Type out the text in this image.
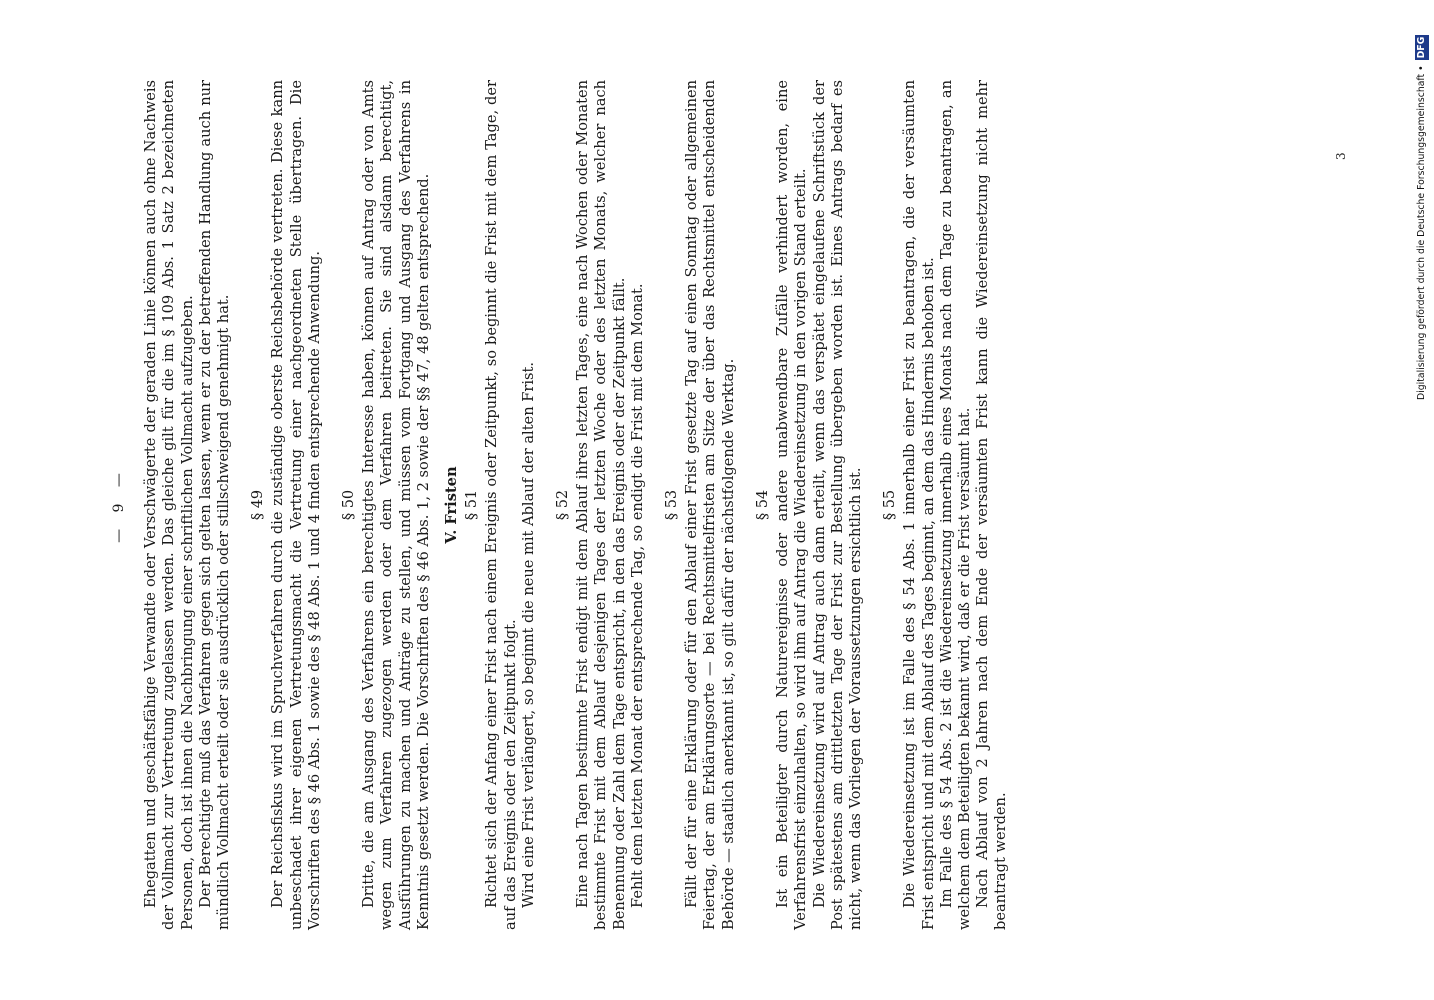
— 9 — Ehegatten und geschäftsfähige Verwandte oder Verschwägerte der geraden Linie können auch ohne Nachweis der Vollmacht zur Vertretung zugelassen werden. Das gleiche gilt für die im § 109 Abs. 1 Satz 2 bezeichneten Personen, doch ist ihnen die Nachbringung einer schriftlichen Vollmacht aufzugeben. Der Berechtigte muß das Verfahren gegen sich gelten lassen, wenn er zu der betreffenden Handlung auch nur mündlich Vollmacht erteilt oder sie ausdrücklich oder stillschweigend genehmigt hat. § 49 Der Reichsfiskus wird im Spruchverfahren durch die zuständige oberste Reichsbehörde vertreten. Diese kann unbeschadet ihrer eigenen Vertretungsmacht die Vertretung einer nachgeordneten Stelle übertragen. Die Vorschriften des § 46 Abs. 1 sowie des § 48 Abs. 1 und 4 finden entsprechende Anwendung. § 50 Dritte, die am Ausgang des Verfahrens ein berechtigtes Interesse haben, können auf Antrag oder von Amts wegen zum Verfahren zugezogen werden oder dem Verfahren beitreten. Sie sind alsdann berechtigt, Ausführungen zu machen und Anträge zu stellen, und müssen vom Fortgang und Ausgang des Verfahrens in Kenntnis gesetzt werden. Die Vorschriften des § 46 Abs. 1, 2 sowie der §§ 47, 48 gelten entsprechend. V. Fristen § 51 Richtet sich der Anfang einer Frist nach einem Ereignis oder Zeitpunkt, so beginnt die Frist mit dem Tage, der auf das Ereignis oder den Zeitpunkt folgt. Wird eine Frist verlängert, so beginnt die neue mit Ablauf der alten Frist. § 52 Eine nach Tagen bestimmte Frist endigt mit dem Ablauf ihres letzten Tages, eine nach Wochen oder Monaten bestimmte Frist mit dem Ablauf desjenigen Tages der letzten Woche oder des letzten Monats, welcher nach Benennung oder Zahl dem Tage entspricht, in den das Ereignis oder der Zeitpunkt fällt. Fehlt dem letzten Monat der entsprechende Tag, so endigt die Frist mit dem Monat. § 53 Fällt der für eine Erklärung oder für den Ablauf einer Frist gesetzte Tag auf einen Sonntag oder allgemeinen Feiertag, der am Erklärungsorte — bei Rechtsmittelfristen am Sitze der über das Rechtsmittel entscheidenden Behörde — staatlich anerkannt ist, so gilt dafür der nächstfolgende Werktag. § 54 Ist ein Beteiligter durch Naturereignisse oder andere unabwendbare Zufälle verhindert worden, eine Verfahrensfrist einzuhalten, so wird ihm auf Antrag die Wiedereinsetzung in den vorigen Stand erteilt. Die Wiedereinsetzung wird auf Antrag auch dann erteilt, wenn das verspätet eingelaufene Schriftstück der Post spätestens am drittletzten Tage der Frist zur Bestellung übergeben worden ist. Eines Antrags bedarf es nicht, wenn das Vorliegen der Voraussetzungen ersichtlich ist. § 55 Die Wiedereinsetzung ist im Falle des § 54 Abs. 1 innerhalb einer Frist zu beantragen, die der versäumten Frist entspricht und mit dem Ablauf des Tages beginnt, an dem das Hindernis behoben ist. Im Falle des § 54 Abs. 2 ist die Wiedereinsetzung innerhalb eines Monats nach dem Tage zu beantragen, an welchem dem Beteiligten bekannt wird, daß er die Frist versäumt hat. Nach Ablauf von 2 Jahren nach dem Ende der versäumten Frist kann die Wiedereinsetzung nicht mehr beantragt werden.

3	Digitalisierung gefördert durch die Deutsche Forschungsgemeinschaft • DFG
